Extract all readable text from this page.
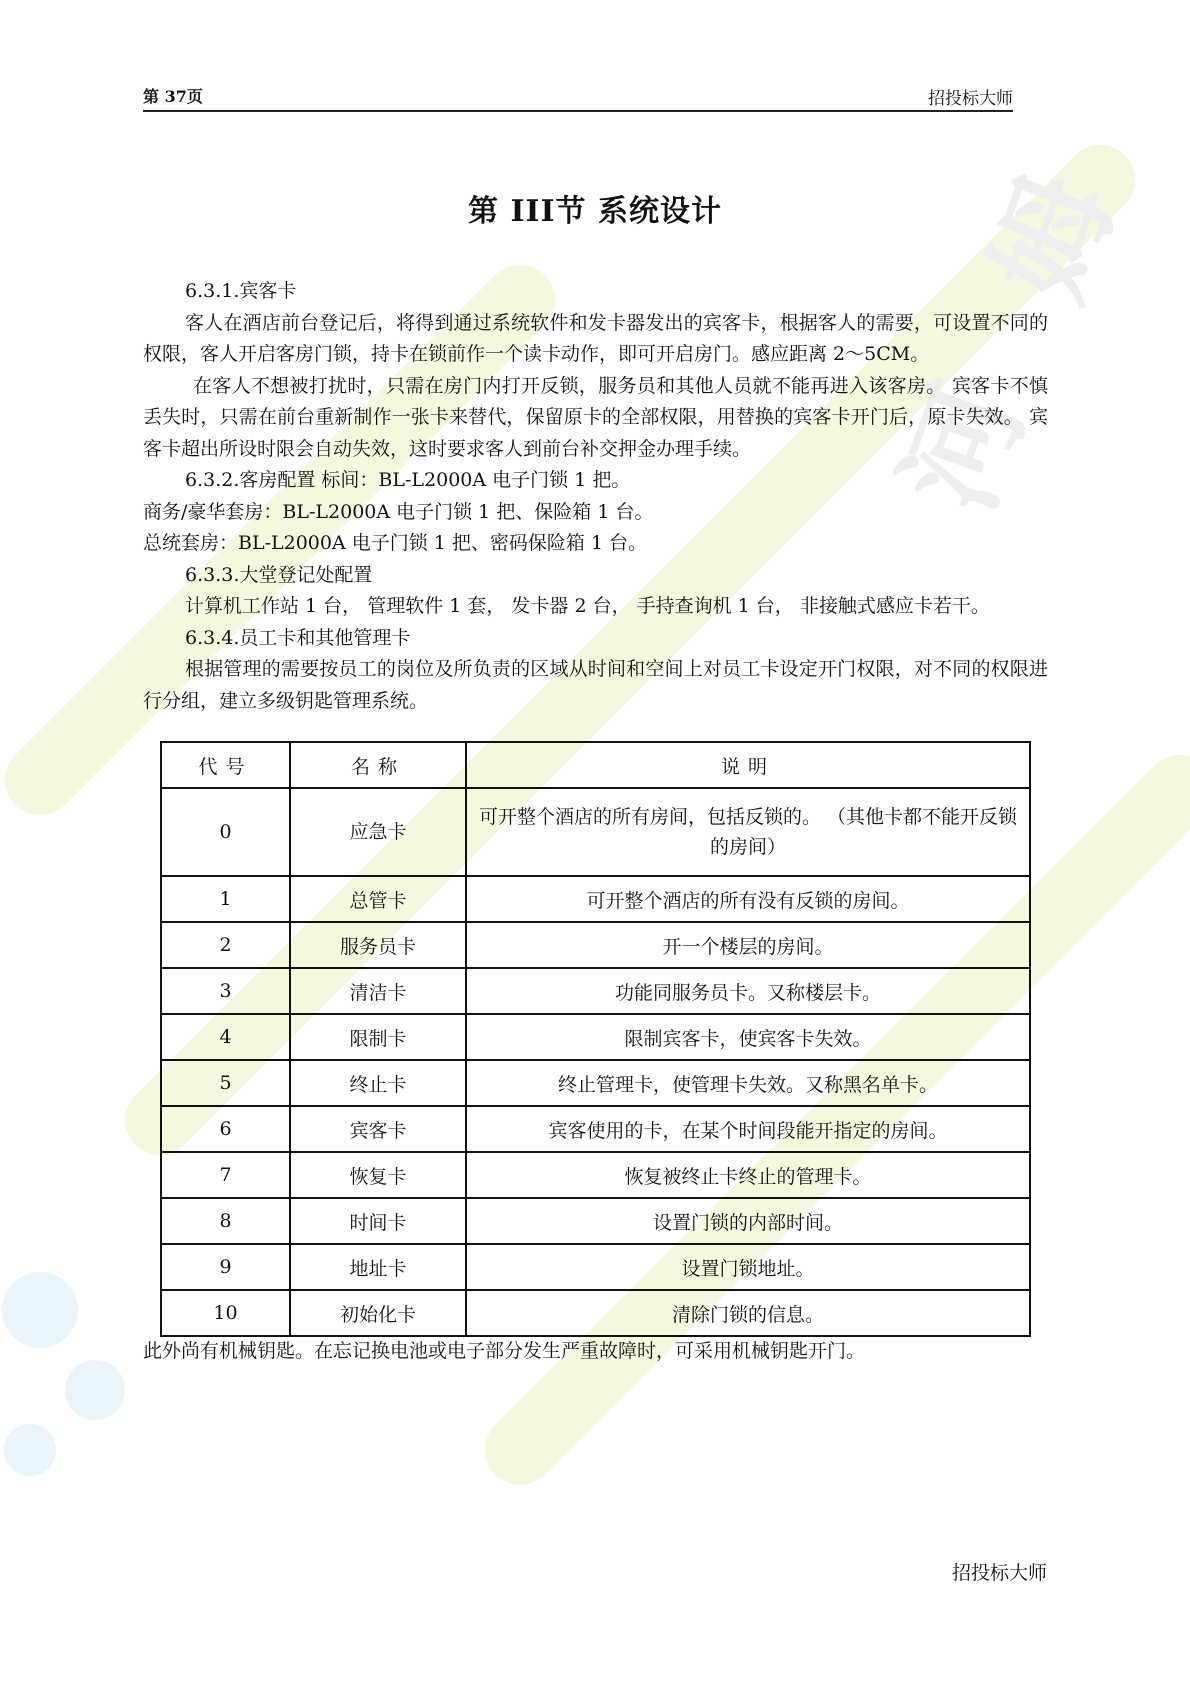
河
姆
第 37页	招投标大师
第 III节 系统设计

6.3.1.宾客卡

客人在酒店前台登记后，将得到通过系统软件和发卡器发出的宾客卡，根据客人的需要，可设置不同的权限，客人开启客房门锁，持卡在锁前作一个读卡动作，即可开启房门。感应距离 2～5CM。

在客人不想被打扰时，只需在房门内打开反锁，服务员和其他人员就不能再进入该客房。 宾客卡不慎丢失时，只需在前台重新制作一张卡来替代，保留原卡的全部权限，用替换的宾客卡开门后，原卡失效。 宾客卡超出所设时限会自动失效，这时要求客人到前台补交押金办理手续。

6.3.2.客房配置 标间：BL-L2000A 电子门锁 1 把。

商务/豪华套房：BL-L2000A 电子门锁 1 把、保险箱 1 台。

总统套房：BL-L2000A 电子门锁 1 把、密码保险箱 1 台。

6.3.3.大堂登记处配置

计算机工作站 1 台， 管理软件 1 套， 发卡器 2 台， 手持查询机 1 台， 非接触式感应卡若干。

6.3.4.员工卡和其他管理卡

根据管理的需要按员工的岗位及所负责的区域从时间和空间上对员工卡设定开门权限，对不同的权限进行分组，建立多级钥匙管理系统。

代号	名称	说明
0	应急卡	可开整个酒店的所有房间，包括反锁的。 （其他卡都不能开反锁的房间）
1	总管卡	可开整个酒店的所有没有反锁的房间。
2	服务员卡	开一个楼层的房间。
3	清洁卡	功能同服务员卡。又称楼层卡。
4	限制卡	限制宾客卡，使宾客卡失效。
5	终止卡	终止管理卡，使管理卡失效。又称黑名单卡。
6	宾客卡	宾客使用的卡，在某个时间段能开指定的房间。
7	恢复卡	恢复被终止卡终止的管理卡。
8	时间卡	设置门锁的内部时间。
9	地址卡	设置门锁地址。
10	初始化卡	清除门锁的信息。
此外尚有机械钥匙。在忘记换电池或电子部分发生严重故障时，可采用机械钥匙开门。
招投标大师
